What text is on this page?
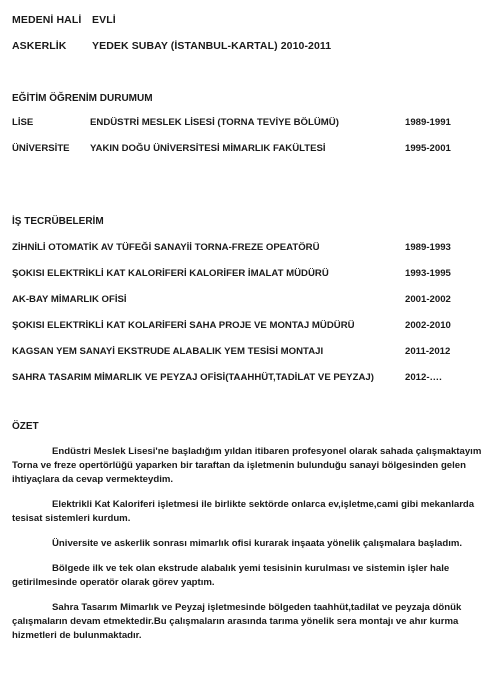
MEDENİ HALİ EVLİ
ASKERLİK YEDEK SUBAY (İSTANBUL-KARTAL) 2010-2011
EĞİTİM ÖĞRENİM DURUMUM
LİSE	ENDÜSTRİ MESLEK LİSESİ (TORNA TEVİYE BÖLÜMÜ)	1989-1991
ÜNİVERSİTE YAKIN DOĞU ÜNİVERSİTESİ MİMARLIK FAKÜLTESİ	1995-2001
İŞ TECRÜBELERİM
ZİHNİLİ OTOMATİK AV TÜFEĞİ SANAYİİ TORNA-FREZE OPEATÖRÜ	1989-1993
ŞOKISI ELEKTRİKLİ KAT KALORİFERİ KALORİFER İMALAT MÜDÜRÜ	1993-1995
AK-BAY MİMARLIK OFİSİ	2001-2002
ŞOKISI ELEKTRİKLİ KAT KOLARİFERİ SAHA PROJE VE MONTAJ MÜDÜRÜ	2002-2010
KAGSAN YEM SANAYİ EKSTRUDE ALABALIK YEM TESİSİ MONTAJI	2011-2012
SAHRA TASARIM MİMARLIK VE PEYZAJ OFİSİ(TAAHHÜT,TADİLAT VE PEYZAJ)	2012-….
ÖZET

Endüstri Meslek Lisesi'ne başladığım yıldan itibaren profesyonel olarak sahada çalışmaktayım Torna ve freze opertörlüğü yaparken bir taraftan da işletmenin bulunduğu sanayi bölgesinden gelen ihtiyaçlara da cevap vermekteydim.

Elektrikli Kat Kaloriferi işletmesi ile birlikte sektörde onlarca ev,işletme,cami gibi mekanlarda tesisat sistemleri kurdum.

Üniversite ve askerlik sonrası mimarlık ofisi kurarak inşaata yönelik çalışmalara başladım.

Bölgede ilk ve tek olan ekstrude alabalık yemi tesisinin kurulması ve sistemin işler hale getirilmesinde operatör olarak görev yaptım.

Sahra Tasarım Mimarlık ve Peyzaj işletmesinde bölgeden taahhüt,tadilat ve peyzaja dönük çalışmaların devam etmektedir.Bu çalışmaların arasında tarıma yönelik sera montajı ve ahır kurma hizmetleri de bulunmaktadır.
